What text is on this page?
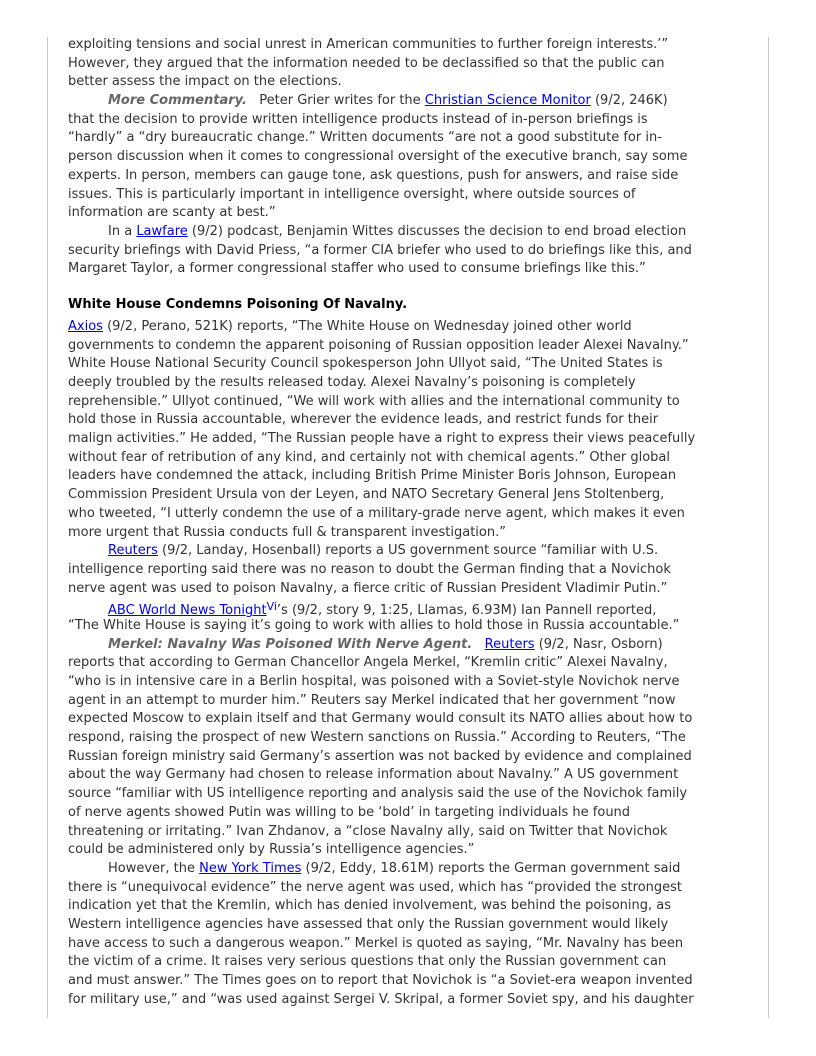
exploiting tensions and social unrest in American communities to further foreign interests.’”
However, they argued that the information needed to be declassified so that the public can
better assess the impact on the elections.
More Commentary.   Peter Grier writes for the Christian Science Monitor (9/2, 246K)
that the decision to provide written intelligence products instead of in-person briefings is
“hardly” a “dry bureaucratic change.” Written documents “are not a good substitute for in-
person discussion when it comes to congressional oversight of the executive branch, say some
experts. In person, members can gauge tone, ask questions, push for answers, and raise side
issues. This is particularly important in intelligence oversight, where outside sources of
information are scanty at best.”
In a Lawfare (9/2) podcast, Benjamin Wittes discusses the decision to end broad election
security briefings with David Priess, “a former CIA briefer who used to do briefings like this, and
Margaret Taylor, a former congressional staffer who used to consume briefings like this.”
White House Condemns Poisoning Of Navalny.
Axios (9/2, Perano, 521K) reports, “The White House on Wednesday joined other world
governments to condemn the apparent poisoning of Russian opposition leader Alexei Navalny.”
White House National Security Council spokesperson John Ullyot said, “The United States is
deeply troubled by the results released today. Alexei Navalny’s poisoning is completely
reprehensible.” Ullyot continued, “We will work with allies and the international community to
hold those in Russia accountable, wherever the evidence leads, and restrict funds for their
malign activities.” He added, “The Russian people have a right to express their views peacefully
without fear of retribution of any kind, and certainly not with chemical agents.” Other global
leaders have condemned the attack, including British Prime Minister Boris Johnson, European
Commission President Ursula von der Leyen, and NATO Secretary General Jens Stoltenberg,
who tweeted, “I utterly condemn the use of a military-grade nerve agent, which makes it even
more urgent that Russia conducts full & transparent investigation.”
Reuters (9/2, Landay, Hosenball) reports a US government source “familiar with U.S.
intelligence reporting said there was no reason to doubt the German finding that a Novichok
nerve agent was used to poison Navalny, a fierce critic of Russian President Vladimir Putin.”
ABC World News Tonight$^{Vi}$’s (9/2, story 9, 1:25, Llamas, 6.93M) Ian Pannell reported,
“The White House is saying it’s going to work with allies to hold those in Russia accountable.”
Merkel: Navalny Was Poisoned With Nerve Agent. Reuters (9/2, Nasr, Osborn)
reports that according to German Chancellor Angela Merkel, “Kremlin critic” Alexei Navalny,
“who is in intensive care in a Berlin hospital, was poisoned with a Soviet-style Novichok nerve
agent in an attempt to murder him.” Reuters say Merkel indicated that her government “now
expected Moscow to explain itself and that Germany would consult its NATO allies about how to
respond, raising the prospect of new Western sanctions on Russia.” According to Reuters, “The
Russian foreign ministry said Germany’s assertion was not backed by evidence and complained
about the way Germany had chosen to release information about Navalny.” A US government
source “familiar with US intelligence reporting and analysis said the use of the Novichok family
of nerve agents showed Putin was willing to be ‘bold’ in targeting individuals he found
threatening or irritating.” Ivan Zhdanov, a “close Navalny ally, said on Twitter that Novichok
could be administered only by Russia’s intelligence agencies.”
However, the New York Times (9/2, Eddy, 18.61M) reports the German government said
there is “unequivocal evidence” the nerve agent was used, which has “provided the strongest
indication yet that the Kremlin, which has denied involvement, was behind the poisoning, as
Western intelligence agencies have assessed that only the Russian government would likely
have access to such a dangerous weapon.” Merkel is quoted as saying, “Mr. Navalny has been
the victim of a crime. It raises very serious questions that only the Russian government can
and must answer.” The Times goes on to report that Novichok is “a Soviet-era weapon invented
for military use,” and “was used against Sergei V. Skripal, a former Soviet spy, and his daughter
